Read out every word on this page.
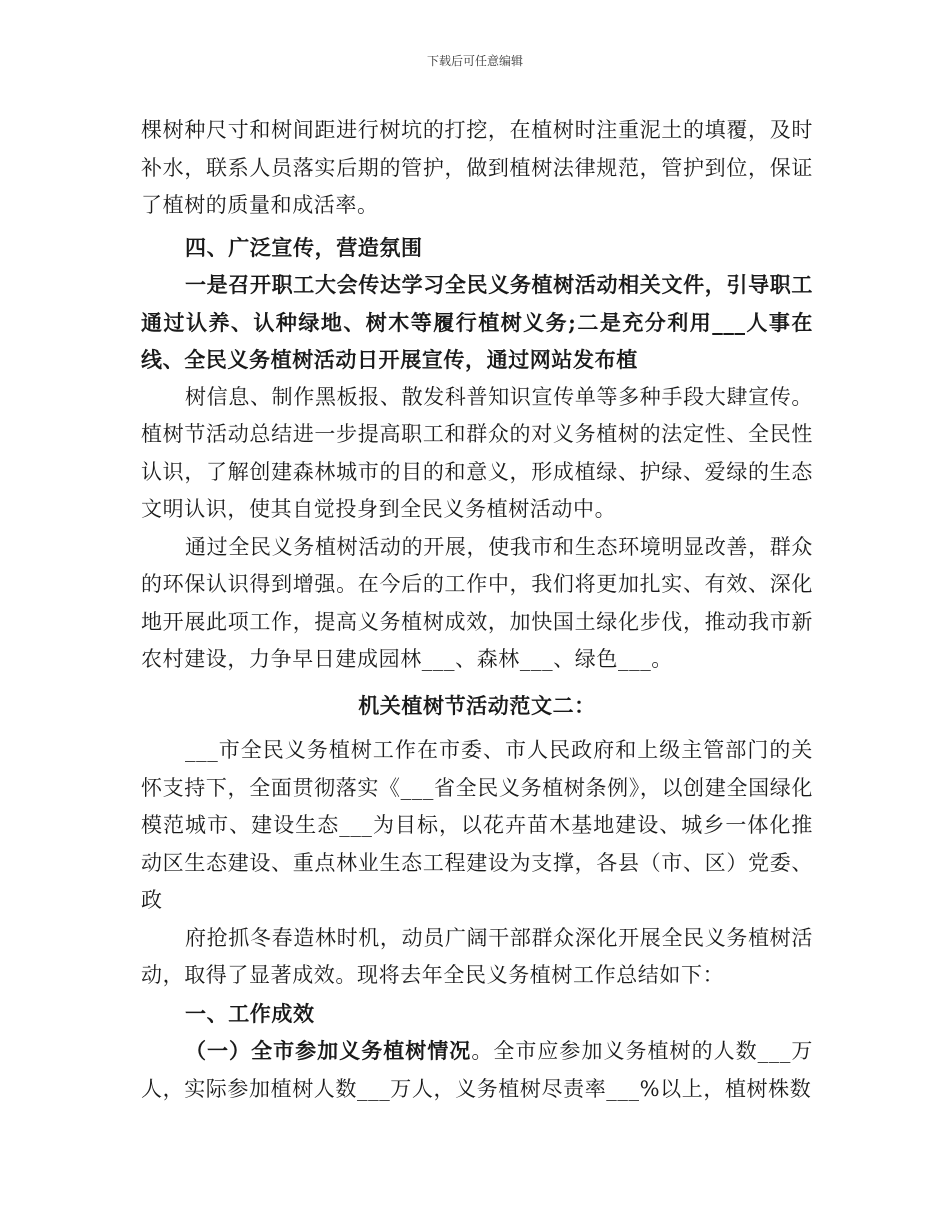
下载后可任意编辑

棵树种尺寸和树间距进行树坑的打挖，在植树时注重泥土的填覆，及时补水，联系人员落实后期的管护，做到植树法律规范，管护到位，保证了植树的质量和成活率。

四、广泛宣传，营造氛围

一是召开职工大会传达学习全民义务植树活动相关文件，引导职工通过认养、认种绿地、树木等履行植树义务;二是充分利用___人事在线、全民义务植树活动日开展宣传，通过网站发布植

树信息、制作黑板报、散发科普知识宣传单等多种手段大肆宣传。植树节活动总结进一步提高职工和群众的对义务植树的法定性、全民性认识，了解创建森林城市的目的和意义，形成植绿、护绿、爱绿的生态文明认识，使其自觉投身到全民义务植树活动中。

通过全民义务植树活动的开展，使我市和生态环境明显改善，群众的环保认识得到增强。在今后的工作中，我们将更加扎实、有效、深化地开展此项工作，提高义务植树成效，加快国土绿化步伐，推动我市新农村建设，力争早日建成园林___、森林___、绿色___。

机关植树节活动范文二：

___市全民义务植树工作在市委、市人民政府和上级主管部门的关怀支持下，全面贯彻落实《___省全民义务植树条例》，以创建全国绿化模范城市、建设生态___为目标，以花卉苗木基地建设、城乡一体化推动区生态建设、重点林业生态工程建设为支撑，各县（市、区）党委、政

府抢抓冬春造林时机，动员广阔干部群众深化开展全民义务植树活动，取得了显著成效。现将去年全民义务植树工作总结如下：

一、工作成效

（一）全市参加义务植树情况。全市应参加义务植树的人数___万人，实际参加植树人数___万人，义务植树尽责率___%以上，植树株数
